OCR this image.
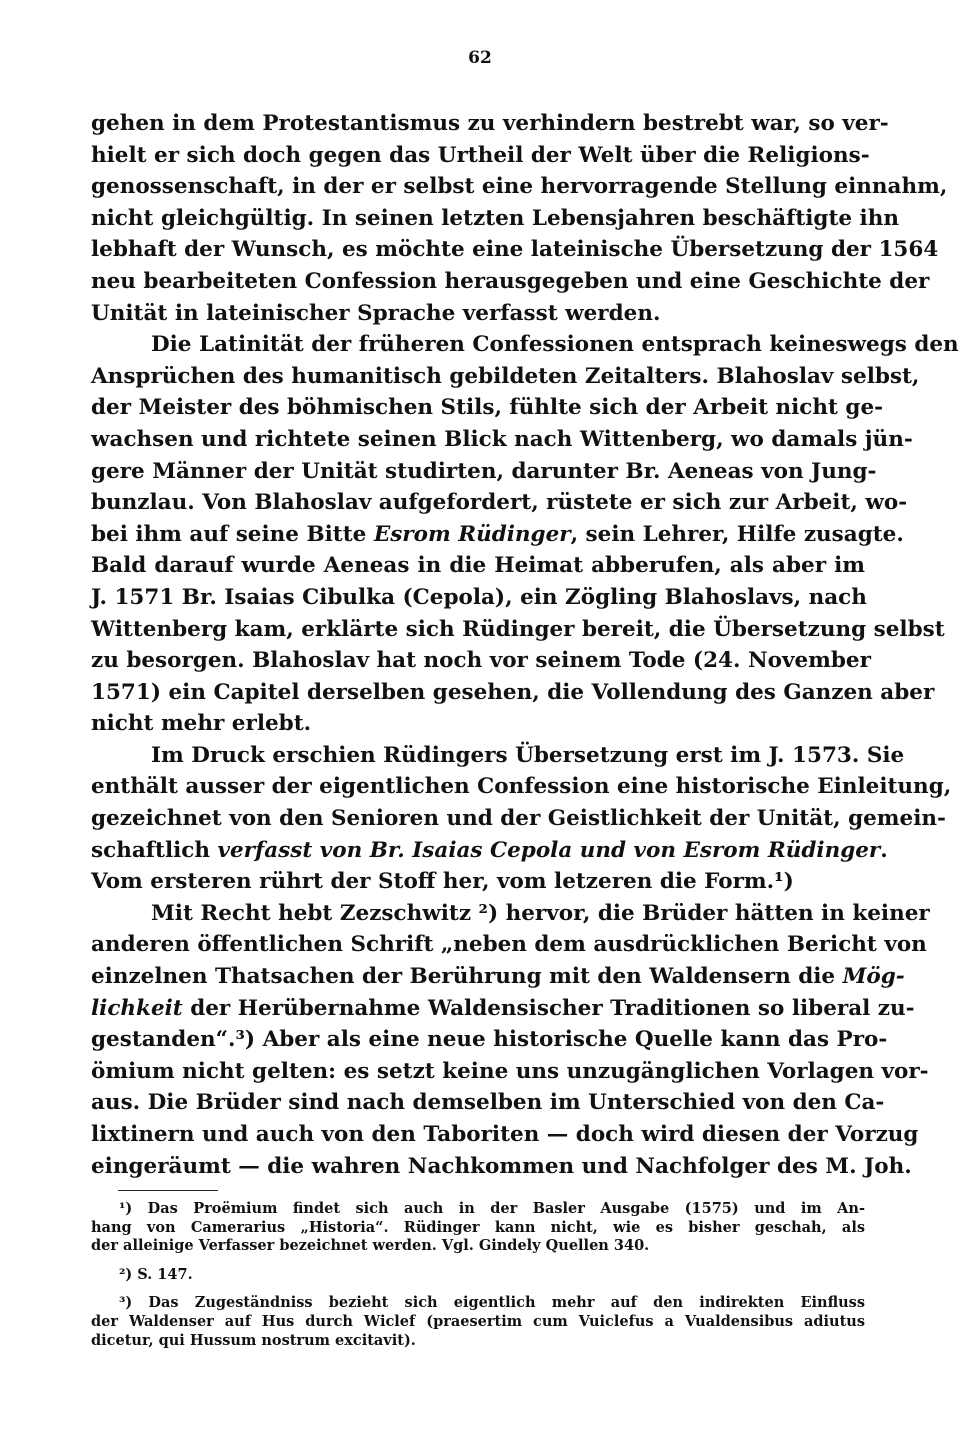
62
gehen in dem Protestantismus zu verhindern bestrebt war, so ver-
hielt er sich doch gegen das Urtheil der Welt über die Religions-
genossenschaft, in der er selbst eine hervorragende Stellung einnahm,
nicht gleichgültig. In seinen letzten Lebensjahren beschäftigte ihn
lebhaft der Wunsch, es möchte eine lateinische Übersetzung der 1564
neu bearbeiteten Confession herausgegeben und eine Geschichte der
Unität in lateinischer Sprache verfasst werden.
Die Latinität der früheren Confessionen entsprach keineswegs den
Ansprüchen des humanitisch gebildeten Zeitalters. Blahoslav selbst,
der Meister des böhmischen Stils, fühlte sich der Arbeit nicht ge-
wachsen und richtete seinen Blick nach Wittenberg, wo damals jün-
gere Männer der Unität studirten, darunter Br. Aeneas von Jung-
bunzlau. Von Blahoslav aufgefordert, rüstete er sich zur Arbeit, wo-
bei ihm auf seine Bitte Esrom Rüdinger, sein Lehrer, Hilfe zusagte.
Bald darauf wurde Aeneas in die Heimat abberufen, als aber im
J. 1571 Br. Isaias Cibulka (Cepola), ein Zögling Blahoslavs, nach
Wittenberg kam, erklärte sich Rüdinger bereit, die Übersetzung selbst
zu besorgen. Blahoslav hat noch vor seinem Tode (24. November
1571) ein Capitel derselben gesehen, die Vollendung des Ganzen aber
nicht mehr erlebt.
Im Druck erschien Rüdingers Übersetzung erst im J. 1573. Sie
enthält ausser der eigentlichen Confession eine historische Einleitung,
gezeichnet von den Senioren und der Geistlichkeit der Unität, gemein-
schaftlich verfasst von Br. Isaias Cepola und von Esrom Rüdinger.
Vom ersteren rührt der Stoff her, vom letzeren die Form.¹)
Mit Recht hebt Zezschwitz ²) hervor, die Brüder hätten in keiner
anderen öffentlichen Schrift „neben dem ausdrücklichen Bericht von
einzelnen Thatsachen der Berührung mit den Waldensern die Mög-
lichkeit der Herübernahme Waldensischer Traditionen so liberal zu-
gestanden“.³) Aber als eine neue historische Quelle kann das Pro-
ömium nicht gelten: es setzt keine uns unzugänglichen Vorlagen vor-
aus. Die Brüder sind nach demselben im Unterschied von den Ca-
lixtinern und auch von den Taboriten — doch wird diesen der Vorzug
eingeräumt — die wahren Nachkommen und Nachfolger des M. Joh.
¹) Das Proëmium findet sich auch in der Basler Ausgabe (1575) und im An-
hang von Camerarius „Historia“. Rüdinger kann nicht, wie es bisher geschah, als
der alleinige Verfasser bezeichnet werden. Vgl. Gindely Quellen 340.
²) S. 147.
³) Das Zugeständniss bezieht sich eigentlich mehr auf den indirekten Einfluss
der Waldenser auf Hus durch Wiclef (praesertim cum Vuiclefus a Vualdensibus adiutus
dicetur, qui Hussum nostrum excitavit).
